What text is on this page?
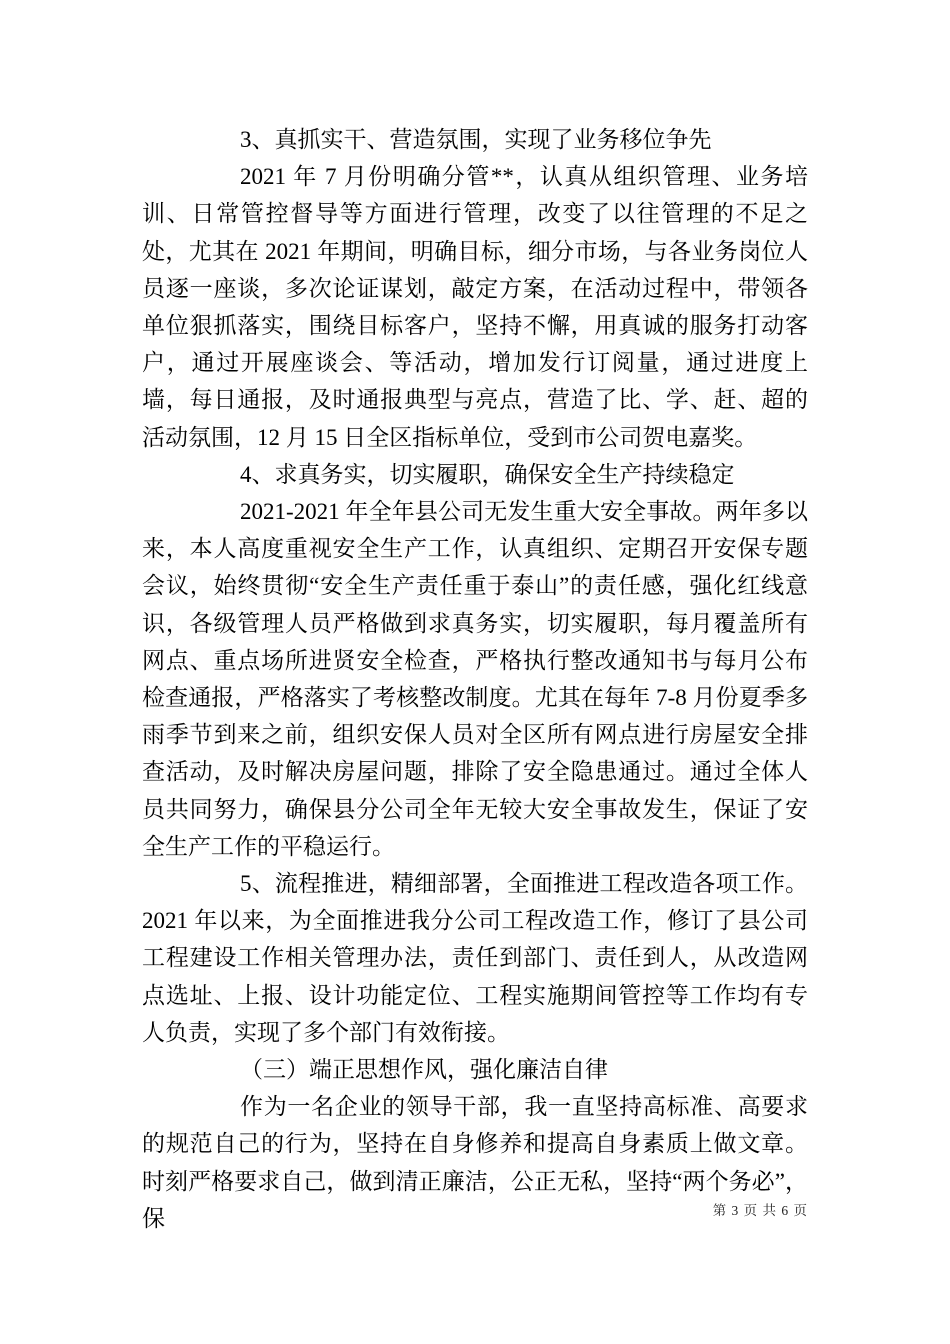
3、真抓实干、营造氛围，实现了业务移位争先

2021 年 7 月份明确分管**，认真从组织管理、业务培训、日常管控督导等方面进行管理，改变了以往管理的不足之处，尤其在 2021 年期间，明确目标，细分市场，与各业务岗位人员逐一座谈，多次论证谋划，敲定方案，在活动过程中，带领各单位狠抓落实，围绕目标客户，坚持不懈，用真诚的服务打动客户，通过开展座谈会、等活动，增加发行订阅量，通过进度上墙，每日通报，及时通报典型与亮点，营造了比、学、赶、超的活动氛围，12 月 15 日全区指标单位，受到市公司贺电嘉奖。

4、求真务实，切实履职，确保安全生产持续稳定

2021-2021 年全年县公司无发生重大安全事故。两年多以来，本人高度重视安全生产工作，认真组织、定期召开安保专题会议，始终贯彻“安全生产责任重于泰山”的责任感，强化红线意识，各级管理人员严格做到求真务实，切实履职，每月覆盖所有网点、重点场所进贤安全检查，严格执行整改通知书与每月公布检查通报，严格落实了考核整改制度。尤其在每年 7-8 月份夏季多雨季节到来之前，组织安保人员对全区所有网点进行房屋安全排查活动，及时解决房屋问题，排除了安全隐患通过。通过全体人员共同努力，确保县分公司全年无较大安全事故发生，保证了安全生产工作的平稳运行。

5、流程推进，精细部署，全面推进工程改造各项工作。2021 年以来，为全面推进我分公司工程改造工作，修订了县公司工程建设工作相关管理办法，责任到部门、责任到人，从改造网点选址、上报、设计功能定位、工程实施期间管控等工作均有专人负责，实现了多个部门有效衔接。

（三）端正思想作风，强化廉洁自律

作为一名企业的领导干部，我一直坚持高标准、高要求的规范自己的行为，坚持在自身修养和提高自身素质上做文章。时刻严格要求自己，做到清正廉洁，公正无私，坚持“两个务必”，保	第 3 页 共 6 页
